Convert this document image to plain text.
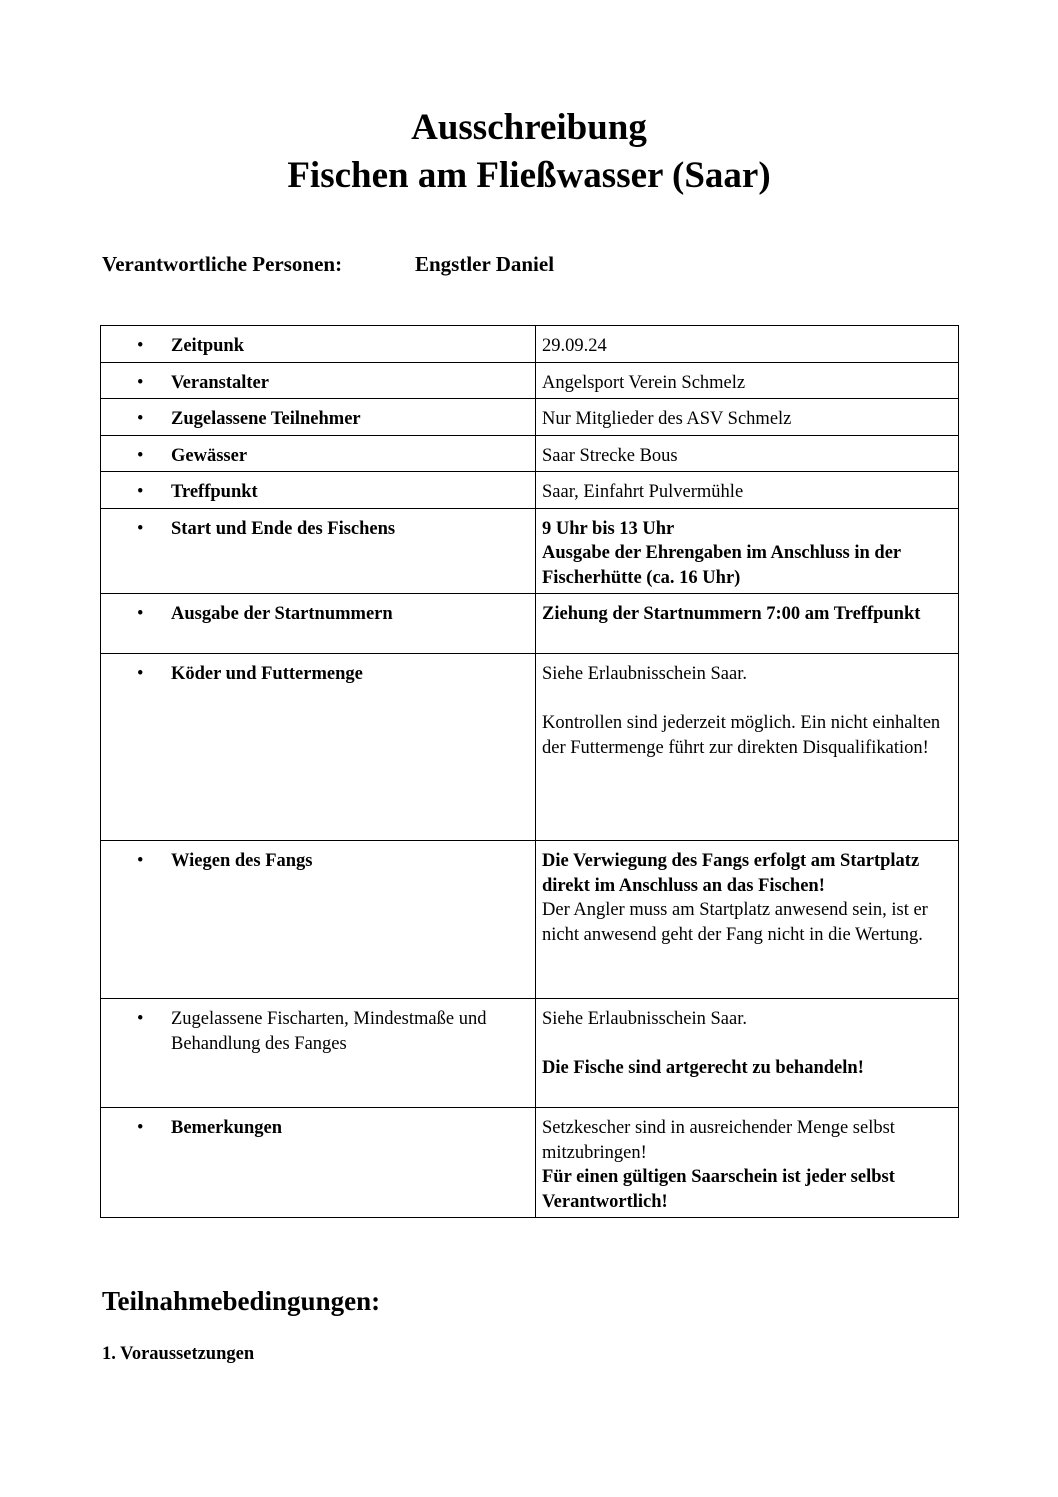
Ausschreibung
Fischen am Fließwasser (Saar)
Verantwortliche Personen:	Engstler Daniel
• Zeitpunk	29.09.24

• Veranstalter	Angelsport Verein Schmelz

• Zugelassene Teilnehmer	Nur Mitglieder des ASV Schmelz

• Gewässer	Saar Strecke Bous

• Treffpunkt	Saar, Einfahrt Pulvermühle

• Start und Ende des Fischens	9 Uhr bis 13 Uhr
Ausgabe der Ehrengaben im Anschluss in der Fischerhütte (ca. 16 Uhr)

• Ausgabe der Startnummern	Ziehung der Startnummern 7:00 am Treffpunkt

• Köder und Futtermenge	Siehe Erlaubnisschein Saar.
Kontrollen sind jederzeit möglich. Ein nicht einhalten der Futtermenge führt zur direkten Disqualifikation!

• Wiegen des Fangs	Die Verwiegung des Fangs erfolgt am Startplatz direkt im Anschluss an das Fischen!
Der Angler muss am Startplatz anwesend sein, ist er nicht anwesend geht der Fang nicht in die Wertung.

• Zugelassene Fischarten, Mindestmaße und Behandlung des Fanges	Siehe Erlaubnisschein Saar.
Die Fische sind artgerecht zu behandeln!

• Bemerkungen	Setzkescher sind in ausreichender Menge selbst mitzubringen!
Für einen gültigen Saarschein ist jeder selbst Verantwortlich!
Teilnahmebedingungen:
1. Voraussetzungen
